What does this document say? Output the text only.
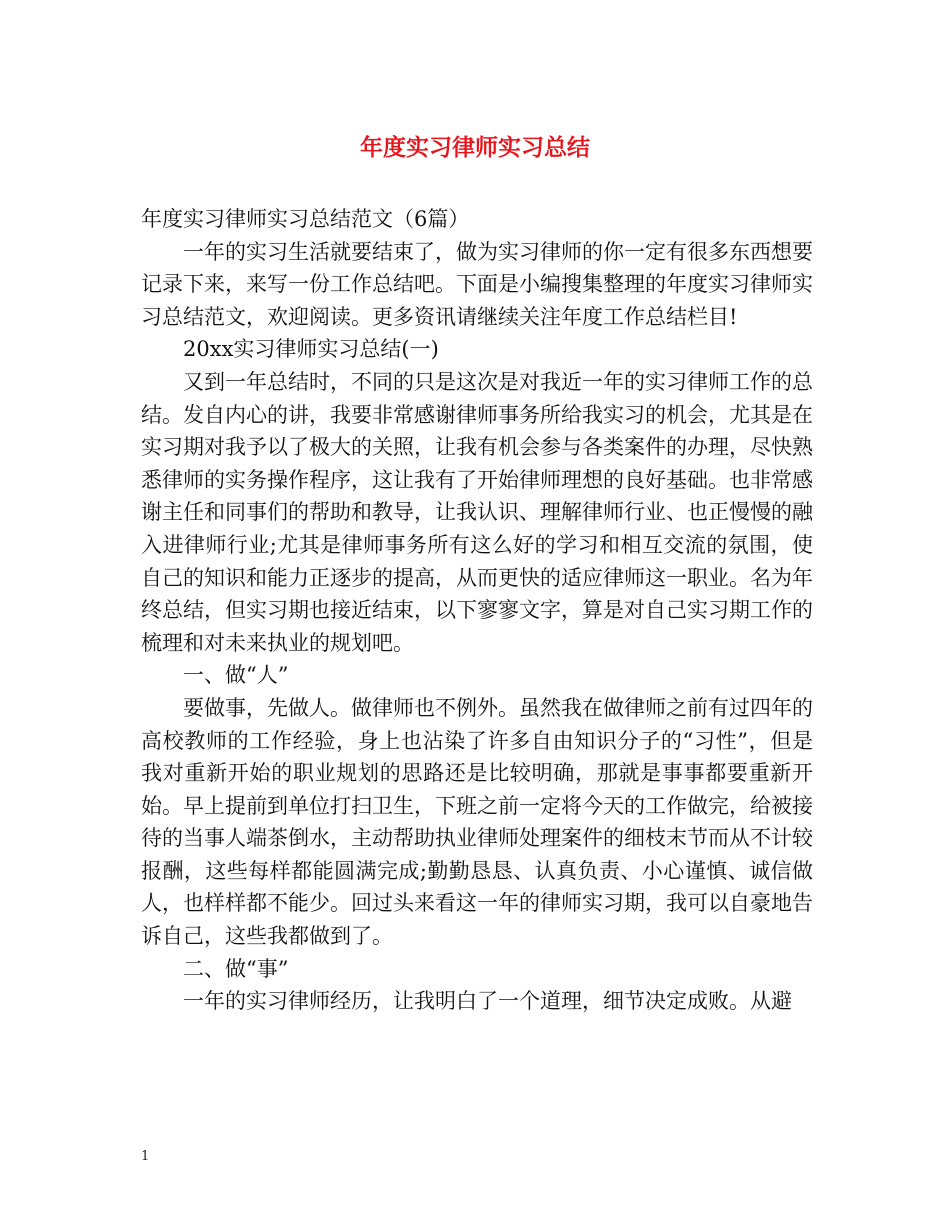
年度实习律师实习总结

年度实习律师实习总结范文（6篇）

一年的实习生活就要结束了，做为实习律师的你一定有很多东西想要记录下来，来写一份工作总结吧。下面是小编搜集整理的年度实习律师实习总结范文，欢迎阅读。更多资讯请继续关注年度工作总结栏目!

20xx实习律师实习总结(一)

又到一年总结时，不同的只是这次是对我近一年的实习律师工作的总结。发自内心的讲，我要非常感谢律师事务所给我实习的机会，尤其是在实习期对我予以了极大的关照，让我有机会参与各类案件的办理，尽快熟悉律师的实务操作程序，这让我有了开始律师理想的良好基础。也非常感谢主任和同事们的帮助和教导，让我认识、理解律师行业、也正慢慢的融入进律师行业;尤其是律师事务所有这么好的学习和相互交流的氛围，使自己的知识和能力正逐步的提高，从而更快的适应律师这一职业。名为年终总结，但实习期也接近结束，以下寥寥文字，算是对自己实习期工作的梳理和对未来执业的规划吧。

一、做“人”

要做事，先做人。做律师也不例外。虽然我在做律师之前有过四年的高校教师的工作经验，身上也沾染了许多自由知识分子的“习性”，但是我对重新开始的职业规划的思路还是比较明确，那就是事事都要重新开始。早上提前到单位打扫卫生，下班之前一定将今天的工作做完，给被接待的当事人端茶倒水，主动帮助执业律师处理案件的细枝末节而从不计较报酬，这些每样都能圆满完成;勤勤恳恳、认真负责、小心谨慎、诚信做人，也样样都不能少。回过头来看这一年的律师实习期，我可以自豪地告诉自己，这些我都做到了。

二、做“事”

一年的实习律师经历，让我明白了一个道理，细节决定成败。从避

1
